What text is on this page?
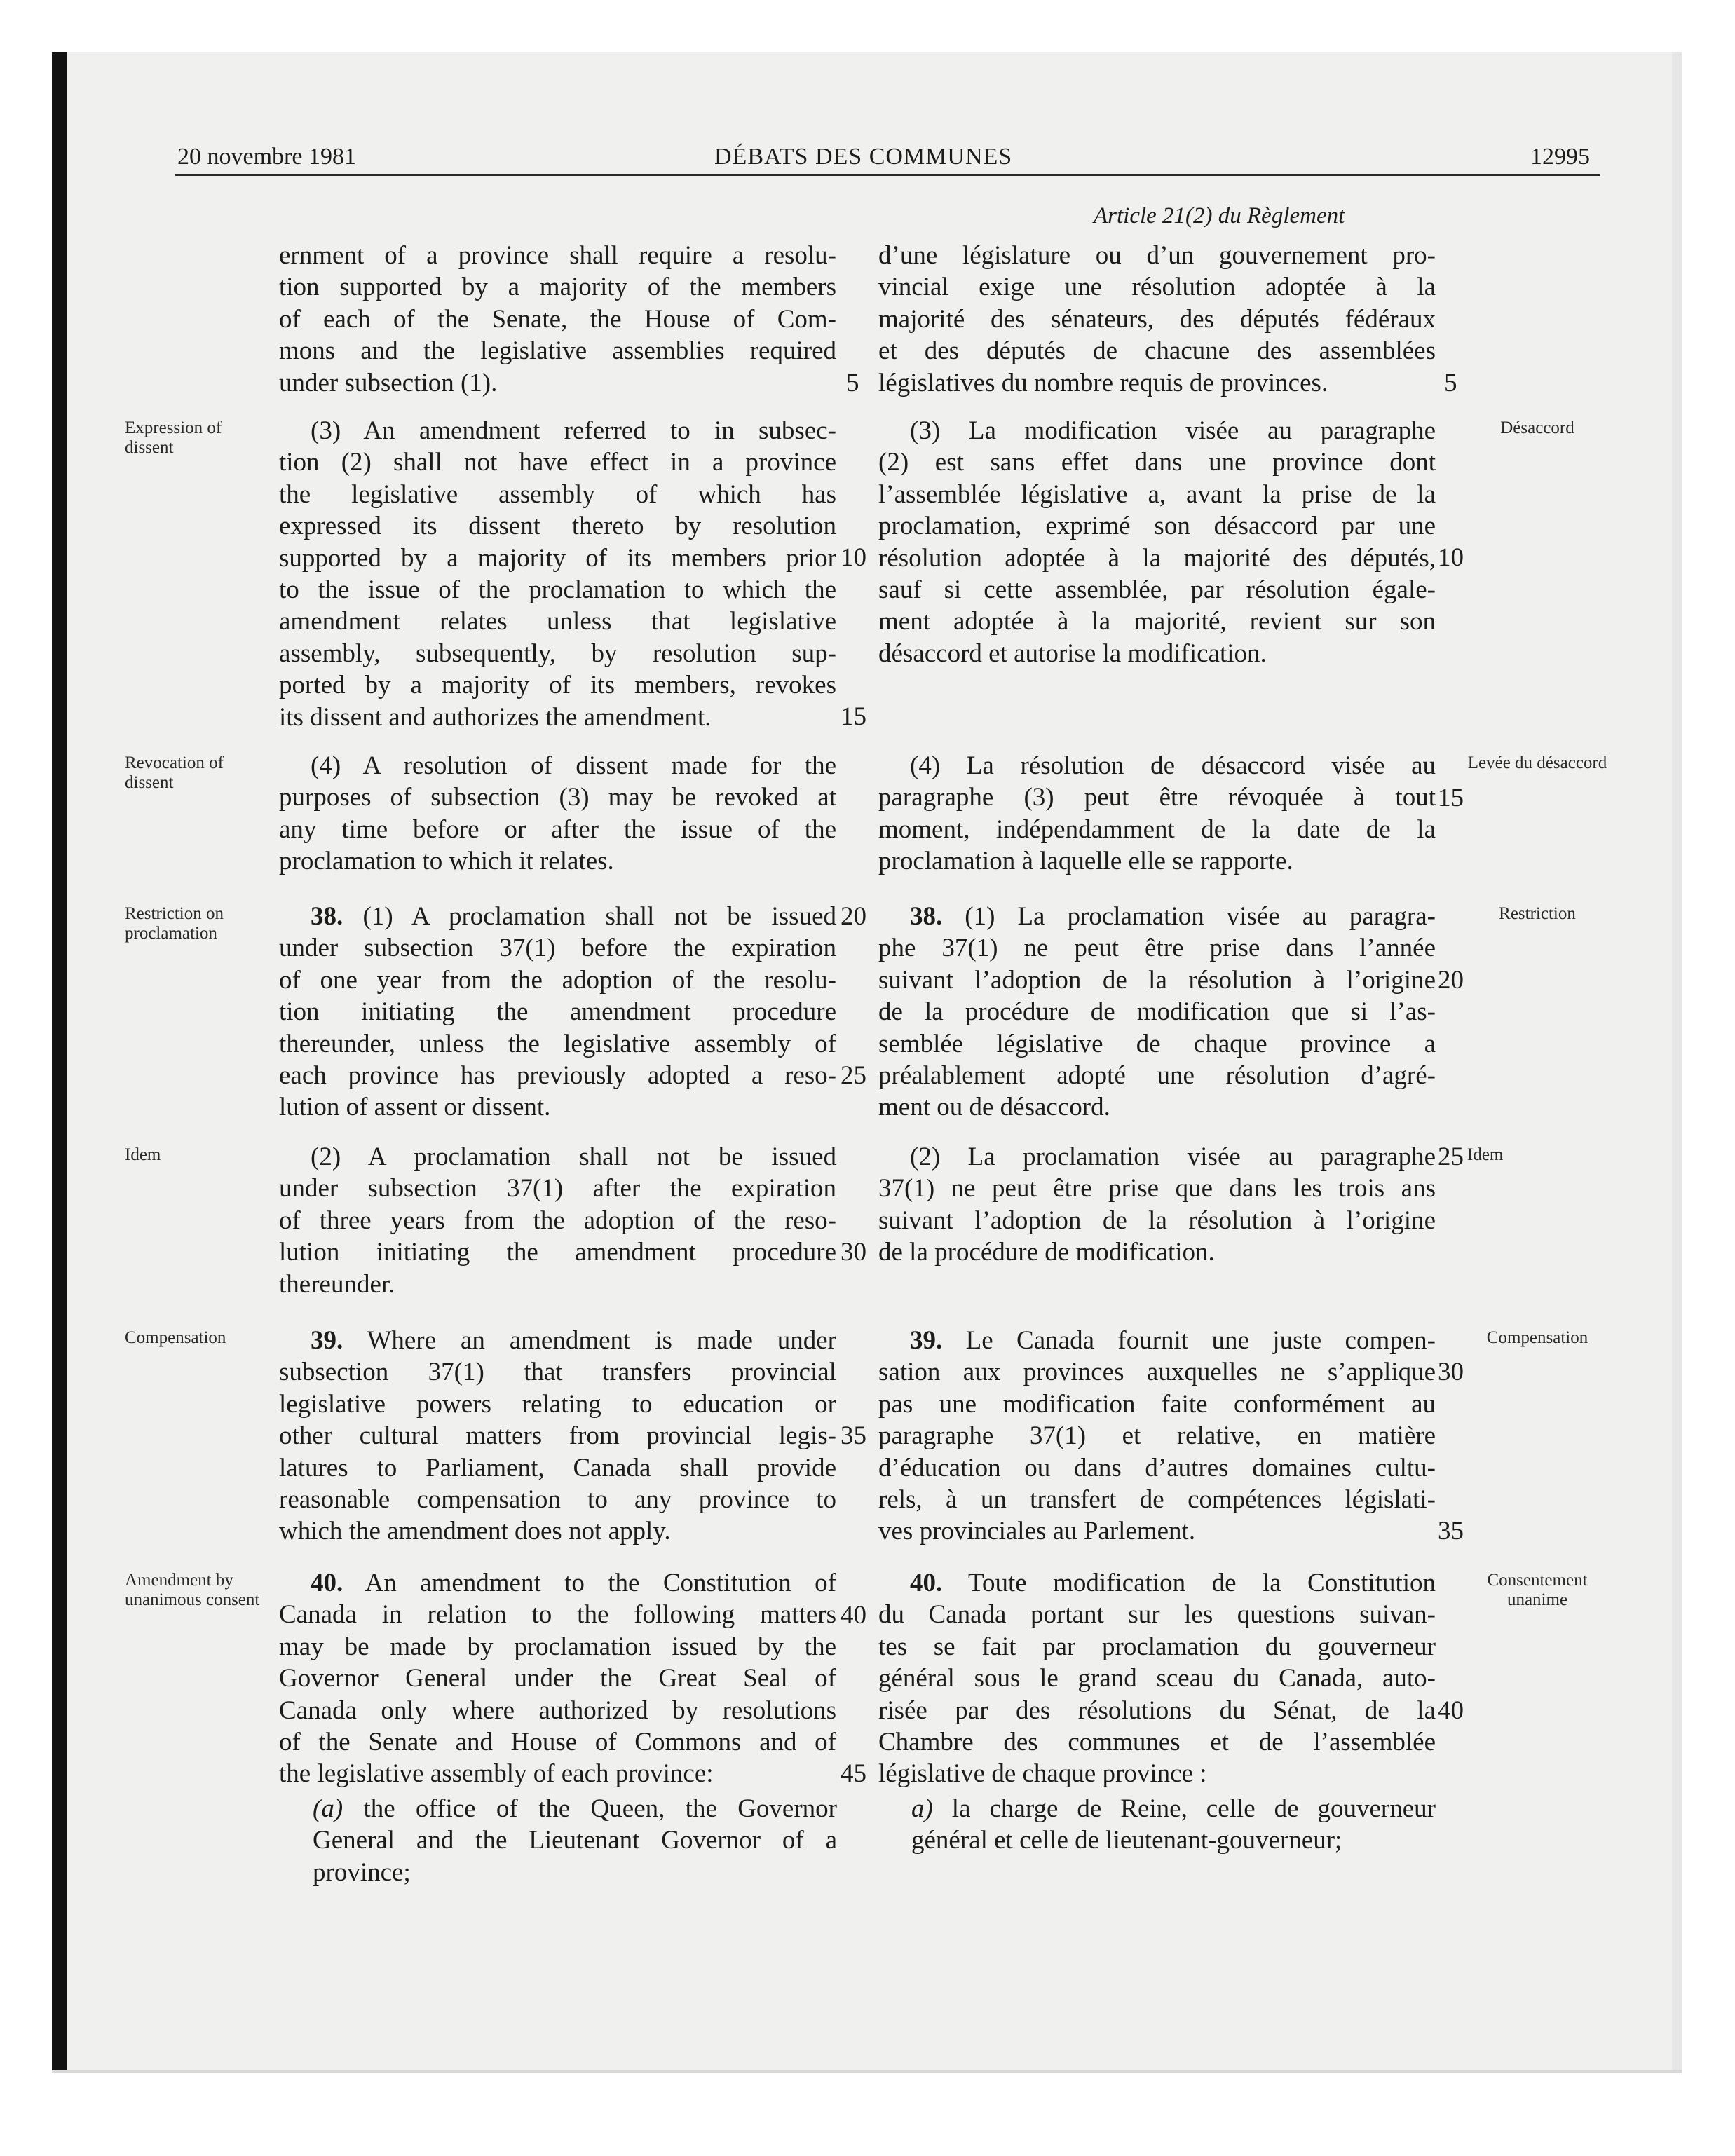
20 novembre 1981	DÉBATS DES COMMUNES	12995
Article 21(2) du Règlement
Expression of dissent
Revocation of dissent
Restriction on proclamation
Idem
Compensation
Amendment by unanimous consent
Désaccord
Levée du désaccord
Restriction
Idem
Compensation
Consentement unanime

ernment of a province shall require a resolu-
tion supported by a majority of the members
of each of the Senate, the House of Com-
mons and the legislative assemblies required
under subsection (1).

(3) An amendment referred to in subsec-
tion (2) shall not have effect in a province
the legislative assembly of which has
expressed its dissent thereto by resolution
supported by a majority of its members prior
to the issue of the proclamation to which the
amendment relates unless that legislative
assembly, subsequently, by resolution sup-
ported by a majority of its members, revokes
its dissent and authorizes the amendment.

(4) A resolution of dissent made for the
purposes of subsection (3) may be revoked at
any time before or after the issue of the
proclamation to which it relates.

38. (1) A proclamation shall not be issued
under subsection 37(1) before the expiration
of one year from the adoption of the resolu-
tion initiating the amendment procedure
thereunder, unless the legislative assembly of
each province has previously adopted a reso-
lution of assent or dissent.

(2) A proclamation shall not be issued
under subsection 37(1) after the expiration
of three years from the adoption of the reso-
lution initiating the amendment procedure
thereunder.

39. Where an amendment is made under
subsection 37(1) that transfers provincial
legislative powers relating to education or
other cultural matters from provincial legis-
latures to Parliament, Canada shall provide
reasonable compensation to any province to
which the amendment does not apply.

40. An amendment to the Constitution of
Canada in relation to the following matters
may be made by proclamation issued by the
Governor General under the Great Seal of
Canada only where authorized by resolutions
of the Senate and House of Commons and of
the legislative assembly of each province:

(a) the office of the Queen, the Governor
General and the Lieutenant Governor of a
province;

d’une législature ou d’un gouvernement pro-
vincial exige une résolution adoptée à la
majorité des sénateurs, des députés fédéraux
et des députés de chacune des assemblées
législatives du nombre requis de provinces.

(3) La modification visée au paragraphe
(2) est sans effet dans une province dont
l’assemblée législative a, avant la prise de la
proclamation, exprimé son désaccord par une
résolution adoptée à la majorité des députés,
sauf si cette assemblée, par résolution égale-
ment adoptée à la majorité, revient sur son
désaccord et autorise la modification.

(4) La résolution de désaccord visée au
paragraphe (3) peut être révoquée à tout
moment, indépendamment de la date de la
proclamation à laquelle elle se rapporte.

38. (1) La proclamation visée au paragra-
phe 37(1) ne peut être prise dans l’année
suivant l’adoption de la résolution à l’origine
de la procédure de modification que si l’as-
semblée législative de chaque province a
préalablement adopté une résolution d’agré-
ment ou de désaccord.

(2) La proclamation visée au paragraphe
37(1) ne peut être prise que dans les trois ans
suivant l’adoption de la résolution à l’origine
de la procédure de modification.

39. Le Canada fournit une juste compen-
sation aux provinces auxquelles ne s’applique
pas une modification faite conformément au
paragraphe 37(1) et relative, en matière
d’éducation ou dans d’autres domaines cultu-
rels, à un transfert de compétences législati-
ves provinciales au Parlement.

40. Toute modification de la Constitution
du Canada portant sur les questions suivan-
tes se fait par proclamation du gouverneur
général sous le grand sceau du Canada, auto-
risée par des résolutions du Sénat, de la
Chambre des communes et de l’assemblée
législative de chaque province :

a) la charge de Reine, celle de gouverneur
général et celle de lieutenant-gouverneur;

5
10
15
20
25
30
35
40
45
5
10
15
20
25
30
35
40
